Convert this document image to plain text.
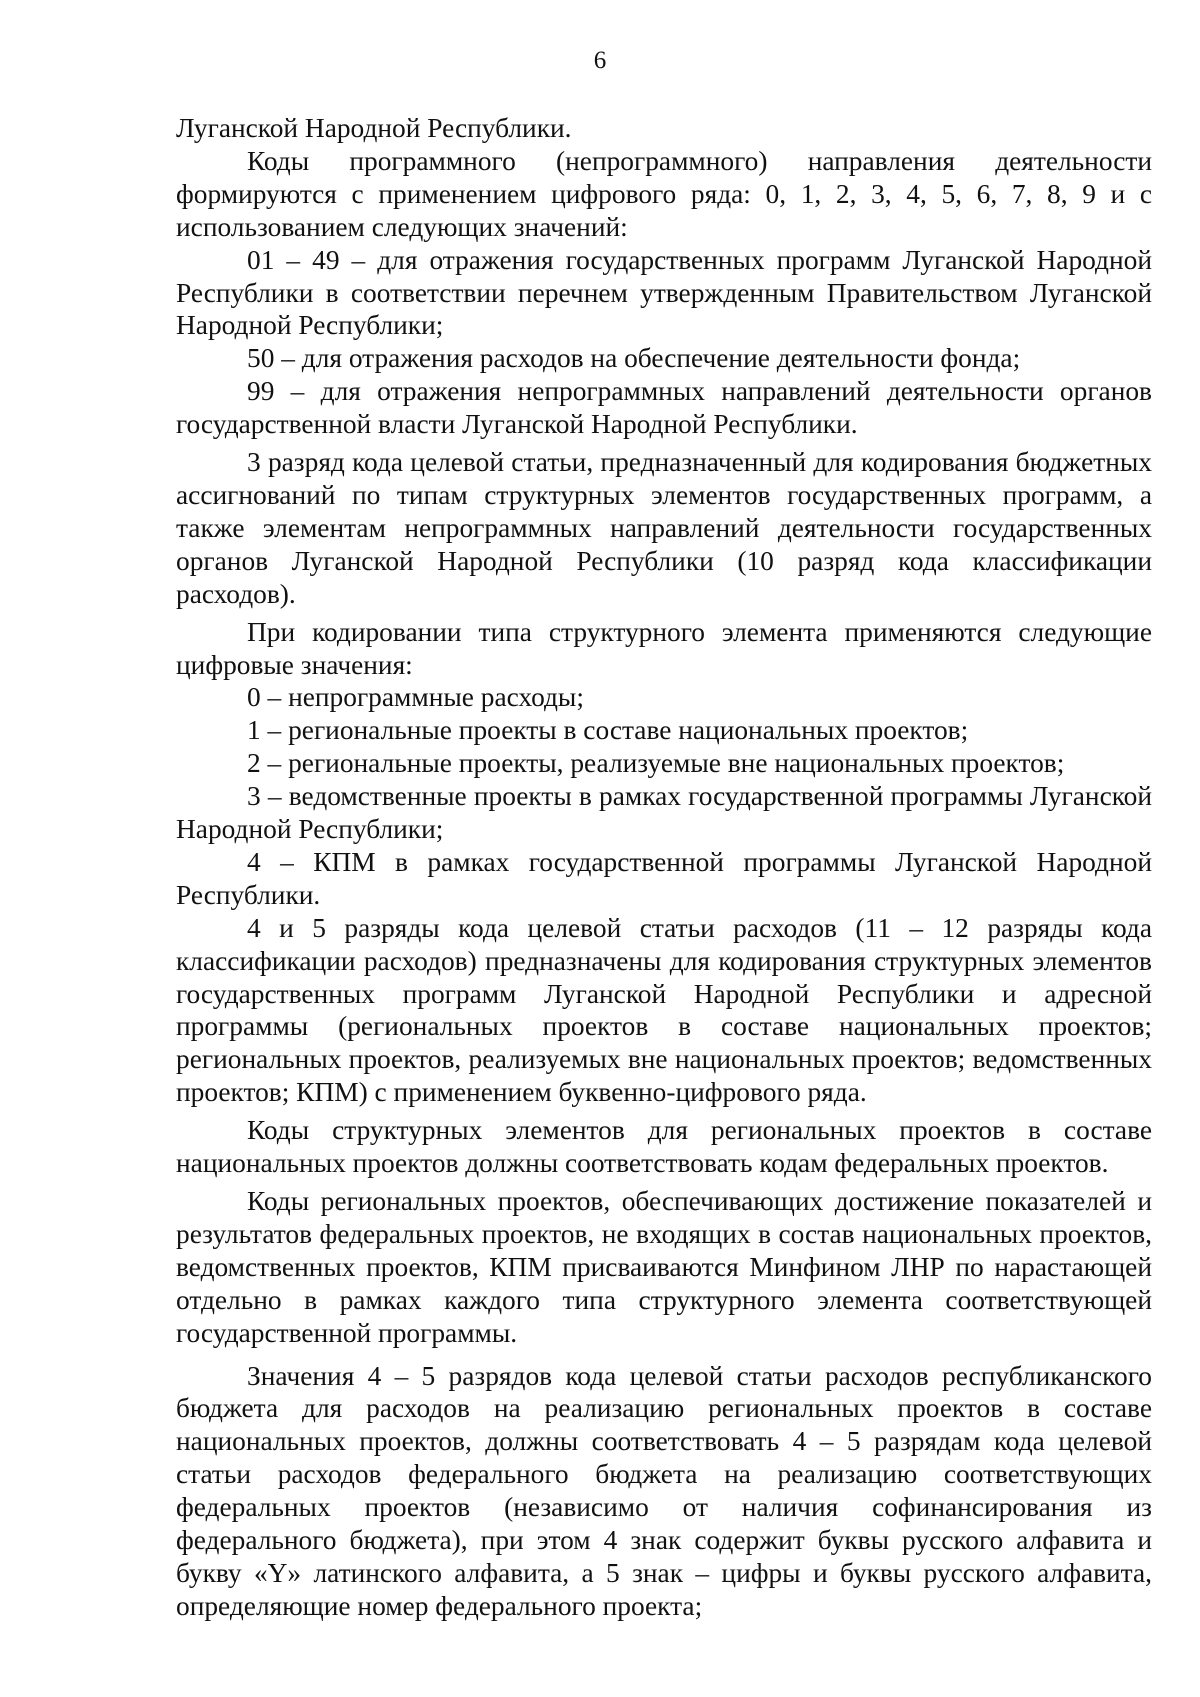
6

Луганской Народной Республики.

Коды программного (непрограммного) направления деятельности формируются с применением цифрового ряда: 0, 1, 2, 3, 4, 5, 6, 7, 8, 9 и с использованием следующих значений:

01 – 49 – для отражения государственных программ Луганской Народной Республики в соответствии перечнем утвержденным Правительством Луганской Народной Республики;

50 – для отражения расходов на обеспечение деятельности фонда;

99 – для отражения непрограммных направлений деятельности органов государственной власти Луганской Народной Республики.

3 разряд кода целевой статьи, предназначенный для кодирования бюджетных ассигнований по типам структурных элементов государственных программ, а также элементам непрограммных направлений деятельности государственных органов Луганской Народной Республики (10 разряд кода классификации расходов).

При кодировании типа структурного элемента применяются следующие цифровые значения:

0 – непрограммные расходы;

1 – региональные проекты в составе национальных проектов;

2 – региональные проекты, реализуемые вне национальных проектов;

3 – ведомственные проекты в рамках государственной программы Луганской Народной Республики;

4 – КПМ в рамках государственной программы Луганской Народной Республики.

4 и 5 разряды кода целевой статьи расходов (11 – 12 разряды кода классификации расходов) предназначены для кодирования структурных элементов государственных программ Луганской Народной Республики и адресной программы (региональных проектов в составе национальных проектов; региональных проектов, реализуемых вне национальных проектов; ведомственных проектов; КПМ) с применением буквенно-цифрового ряда.

Коды структурных элементов для региональных проектов в составе национальных проектов должны соответствовать кодам федеральных проектов.

Коды региональных проектов, обеспечивающих достижение показателей и результатов федеральных проектов, не входящих в состав национальных проектов, ведомственных проектов, КПМ присваиваются Минфином ЛНР по нарастающей отдельно в рамках каждого типа структурного элемента соответствующей государственной программы.

Значения 4 – 5 разрядов кода целевой статьи расходов республиканского бюджета для расходов на реализацию региональных проектов в составе национальных проектов, должны соответствовать 4 – 5 разрядам кода целевой статьи расходов федерального бюджета на реализацию соответствующих федеральных проектов (независимо от наличия софинансирования из федерального бюджета), при этом 4 знак содержит буквы русского алфавита и букву «Y» латинского алфавита, а 5 знак – цифры и буквы русского алфавита, определяющие номер федерального проекта;
